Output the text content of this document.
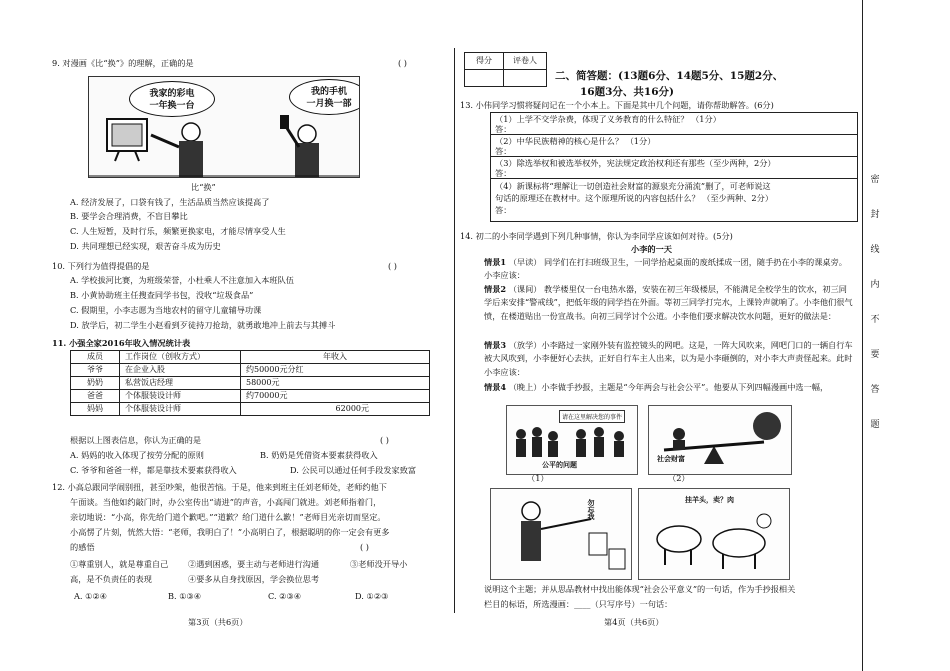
9. 对漫画《比“换”》的理解，正确的是	( )
我家的彩电
一年换一台
我的手机
一月换一部
比“换”
A. 经济发展了，口袋有钱了，生活品质当然应该提高了
B. 要学会合理消费，不盲目攀比
C. 人生短暂，及时行乐，频繁更换家电，才能尽情享受人生
D. 共同理想已经实现，艰苦奋斗成为历史
10. 下列行为值得提倡的是	( )
A. 学校拔河比赛，为班级荣誉，小杜乘人不注意加入本班队伍
B. 小黄协助班主任搜查同学书包，没收“垃圾食品”
C. 假期里，小李志愿为当地农村的留守儿童辅导功课
D. 放学后，初二学生小赵看到歹徒持刀抢劫，就勇敢地冲上前去与其搏斗
11. 小强全家2016年收入情况统计表
成员	工作岗位（创收方式）	年收入
爷爷	在企业入股	约50000元分红
奶奶	私营饭店经理	58000元
爸爸	个体服装设计师	约70000元
妈妈	个体服装设计师	62000元
根据以上图表信息，你认为正确的是	( )
A. 妈妈的收入体现了按劳分配的原则	B. 奶奶是凭借资本要素获得收入
C. 爷爷和爸爸一样，都是靠技术要素获得收入	D. 公民可以通过任何手段发家致富
12. 小高总跟同学闹别扭，甚至吵架，他很苦恼。于是，他来到班主任刘老师处，老师约他下
午面谈。当他如约敲门时，办公室传出“请进”的声音，小高闯门就进。刘老师指着门，
亲切地说：“小高，你先给门道个歉吧。”“道歉？给门道什么歉！”老师目光亲切而坚定。
小高愣了片刻，恍然大悟：“老师，我明白了！”小高明白了，根据聪明的你一定会有更多
的感悟	( )
①尊重别人，就是尊重自己 ②遇到困惑，要主动与老师进行沟通	③老师没开导小
高，是不负责任的表现	④要多从自身找原因，学会换位思考
A. ①②④	B. ①③④	C. ②③④	D. ①②③
第3页（共6页）
得分	评卷人

二、简答题：(13题6分、14题5分、15题2分、
16题3分、共16分)
13. 小伟同学习惯将疑问记在一个小本上。下面是其中几个问题，请你帮助解答。(6分)
（1）上学不交学杂费，体现了义务教育的什么特征？ （1分）
答：
（2）中华民族精神的核心是什么？ （1分）
答：
（3）除选举权和被选举权外，宪法规定政治权利还有那些（至少两种，2分）
答：
（4）新课标将“理解让一切创造社会财富的源泉充分涌流”删了，可老师说这
句话的原理还在教材中。这个原理所说的内容包括什么？ （至少两种、2分）
答：
14. 初二的小李同学遇到下列几种事情，你认为李同学应该如何对待。(5分)
小李的一天
情景1 （早读） 同学们在打扫班级卫生，一同学拾起桌面的废纸揉成一团，随手扔在小李的课桌旁。小李应该：
情景2 （课间） 教学楼里仅一台电热水器，安装在初三年级楼层，不能满足全校学生的饮水，初三同学后来安排“警戒线”，把低年级的同学挡在外面。等初三同学打完水，上课铃声就响了。小李他们很气愤，在楼道贴出一份宣战书。向初三同学讨个公道。小李他们要求解决饮水问题，更好的做法是：
情景3 （放学）小李路过一家刚外装有监控镜头的网吧。这是，一阵大风吹来，网吧门口的一辆自行车被大风吹到，小李便好心去扶，正好自行车主人出来，以为是小李砸倒的，对小李大声责怪起来。此时小李应该：
情景4 （晚上）小李做手抄报，主题是“今年两会与社会公平”。他要从下列四幅漫画中选一幅，
请在这里解决您的事件
公平的问题
社会财富
（1）	（2）
勿忘我	挂羊头，卖？肉
说明这个主题；并从思品教材中找出能体现“社会公平意义”的一句话，作为手抄报相关
栏目的标语，所选漫画：____（只写序号）一句话：
第4页（共6页）
密
封
线
内
不
要
答
题
